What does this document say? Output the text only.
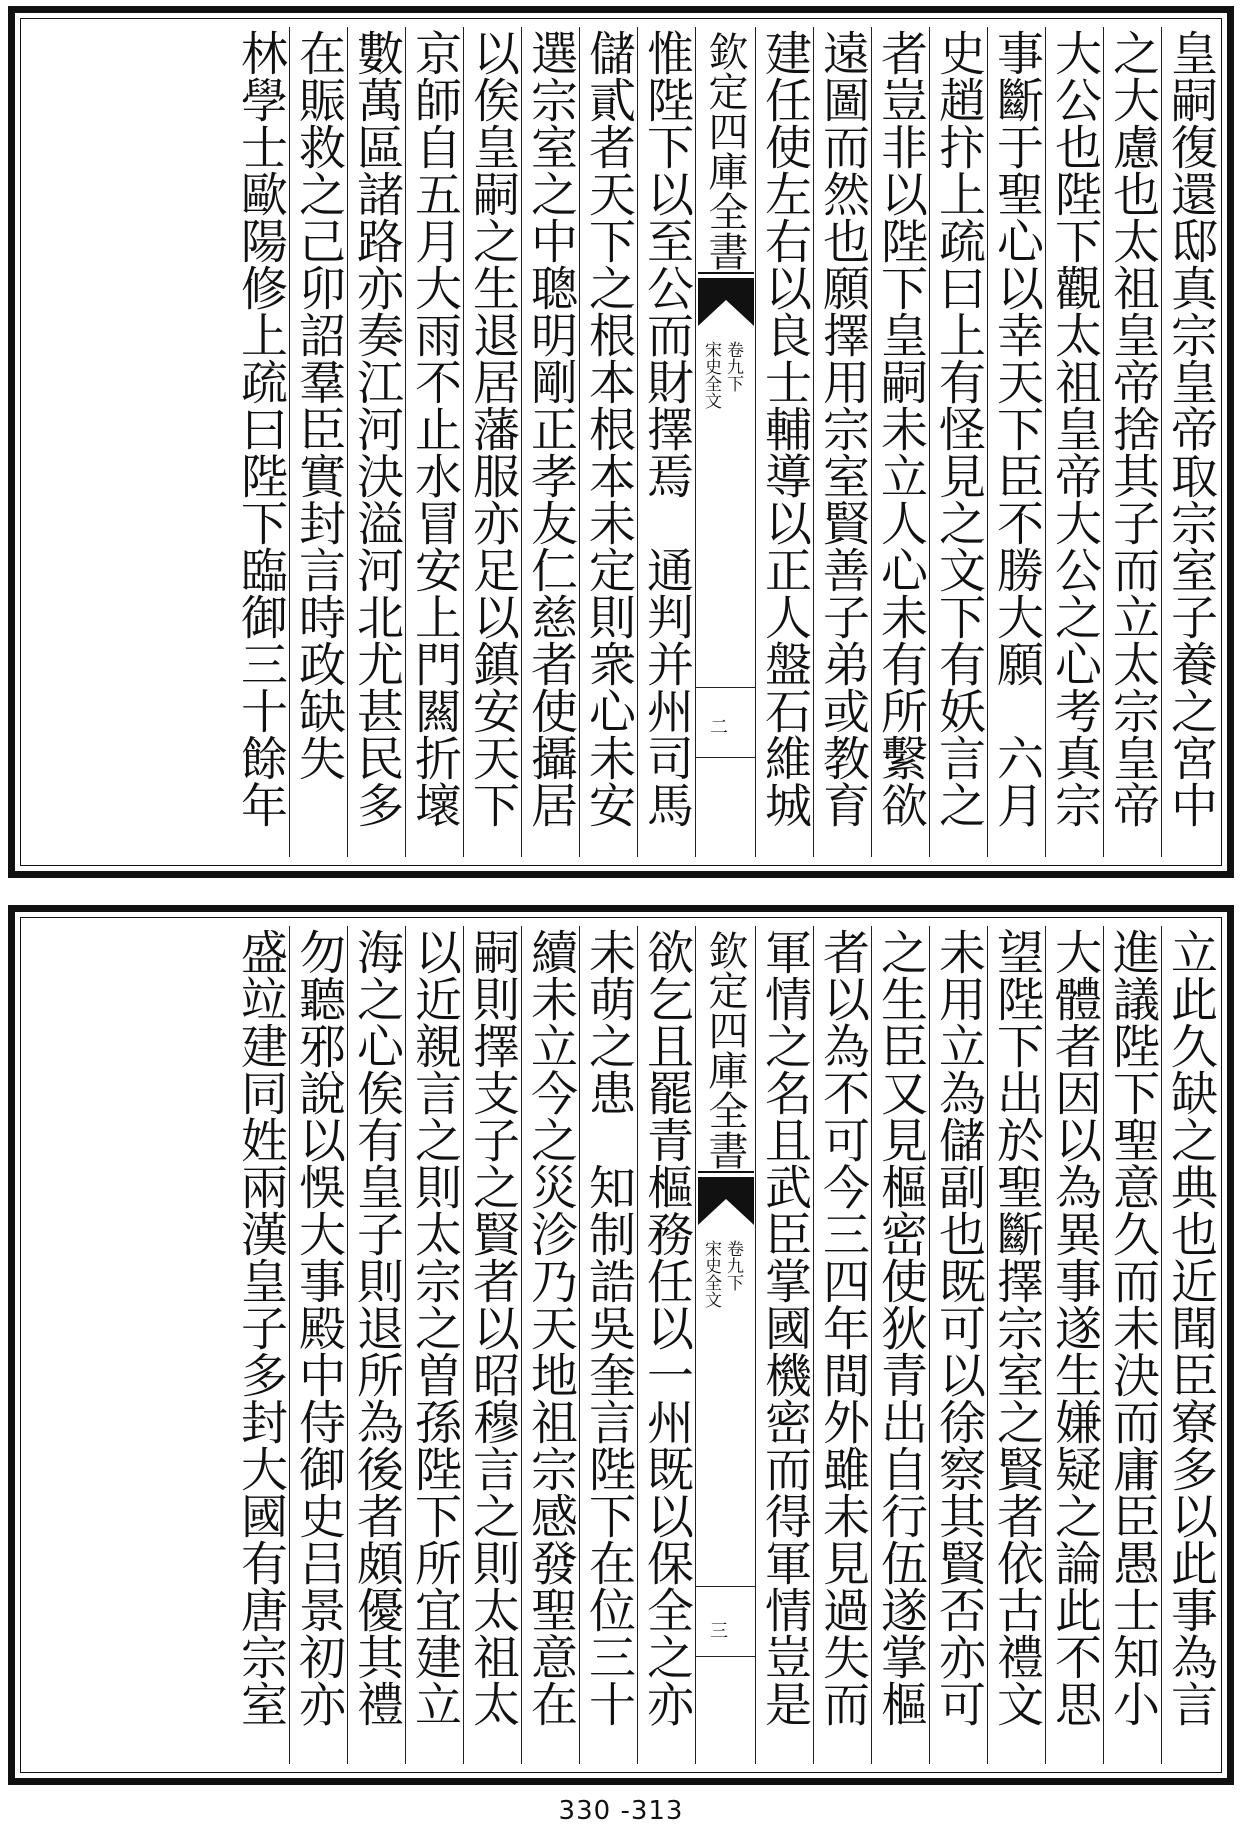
皇嗣復還邸真宗皇帝取宗室子養之宮中
之大慮也太祖皇帝捨其子而立太宗皇帝
大公也陛下觀太祖皇帝大公之心考真宗
事斷于聖心以幸天下臣不勝大願　六月
史趙抃上疏曰上有怪見之文下有妖言之
者豈非以陛下皇嗣未立人心未有所繫欲
遠圖而然也願擇用宗室賢善子弟或教育
建任使左右以良士輔導以正人盤石維城
欽定四庫全書
宋史全文 卷九下
二
惟陛下以至公而財擇焉　通判并州司馬
儲貳者天下之根本根本未定則衆心未安
選宗室之中聰明剛正孝友仁慈者使攝居
以俟皇嗣之生退居藩服亦足以鎮安天下　
京師自五月大雨不止水冒安上門闗折壞
數萬區諸路亦奏江河決溢河北尤甚民多
在賑救之己卯詔羣臣實封言時政缺失　
林學士歐陽修上疏曰陛下臨御三十餘年
立此久缺之典也近聞臣寮多以此事為言
進議陛下聖意久而未決而庸臣愚士知小
大體者因以為異事遂生嫌疑之論此不思
望陛下出於聖斷擇宗室之賢者依古禮文
未用立為儲副也既可以徐察其賢否亦可
之生臣又見樞密使狄青出自行伍遂掌樞
者以為不可今三四年間外雖未見過失而
軍情之名且武臣掌國機密而得軍情豈是
欽定四庫全書
宋史全文 卷九下
三
欲乞且罷青樞務任以一州既以保全之亦
未萌之患　知制誥吳奎言陛下在位三十
續未立今之災沴乃天地祖宗感發聖意在
嗣則擇支子之賢者以昭穆言之則太祖太
以近親言之則太宗之曽孫陛下所宜建立
海之心俟有皇子則退所為後者頗優其禮
勿聽邪說以悞大事殿中侍御史吕景初亦
盛竝建同姓兩漢皇子多封大國有唐宗室
330 -313
